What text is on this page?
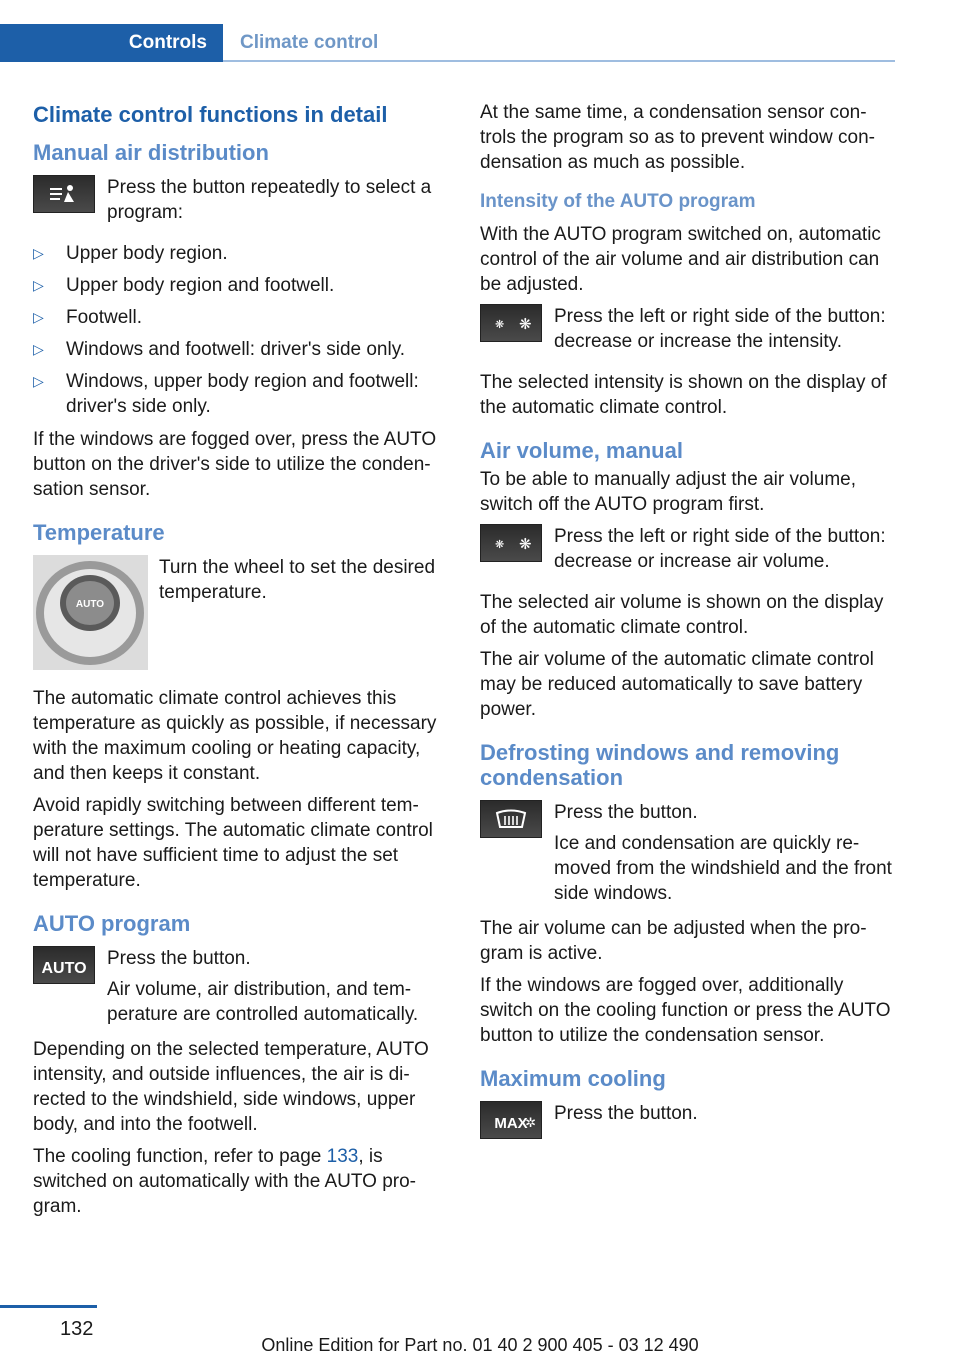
Controls Climate control
Climate control functions in detail
Manual air distribution
Press the button repeatedly to select a program:
▷ Upper body region.
▷ Upper body region and footwell.
▷ Footwell.
▷ Windows and footwell: driver's side only.
▷ Windows, upper body region and footwell: driver's side only.

If the windows are fogged over, press the AUTO button on the driver's side to utilize the conden-sation sensor.

Temperature
AUTO
Turn the wheel to set the desired temperature.

The automatic climate control achieves this temperature as quickly as possible, if necessary with the maximum cooling or heating capacity, and then keeps it constant.

Avoid rapidly switching between different tem-perature settings. The automatic climate control will not have sufficient time to adjust the set temperature.

AUTO program
AUTO	Press the button.
Air volume, air distribution, and tem-perature are controlled automatically.

Depending on the selected temperature, AUTO intensity, and outside influences, the air is di-rected to the windshield, side windows, upper body, and into the footwell.

The cooling function, refer to page 133, is switched on automatically with the AUTO pro-gram.

At the same time, a condensation sensor con-trols the program so as to prevent window con-densation as much as possible.

Intensity of the AUTO program

With the AUTO program switched on, automatic control of the air volume and air distribution can be adjusted.

❋ ❋ Press the left or right side of the button: decrease or increase the intensity.

The selected intensity is shown on the display of the automatic climate control.

Air volume, manual

To be able to manually adjust the air volume, switch off the AUTO program first.

❋ ❋ Press the left or right side of the button: decrease or increase air volume.

The selected air volume is shown on the display of the automatic climate control.

The air volume of the automatic climate control may be reduced automatically to save battery power.

Defrosting windows and removing condensation
Press the button.
Ice and condensation are quickly re-moved from the windshield and the front side windows.

The air volume can be adjusted when the pro-gram is active.

If the windows are fogged over, additionally switch on the cooling function or press the AUTO button to utilize the condensation sensor.

Maximum cooling
MAX
✲ Press the button.
132
Online Edition for Part no. 01 40 2 900 405 - 03 12 490
